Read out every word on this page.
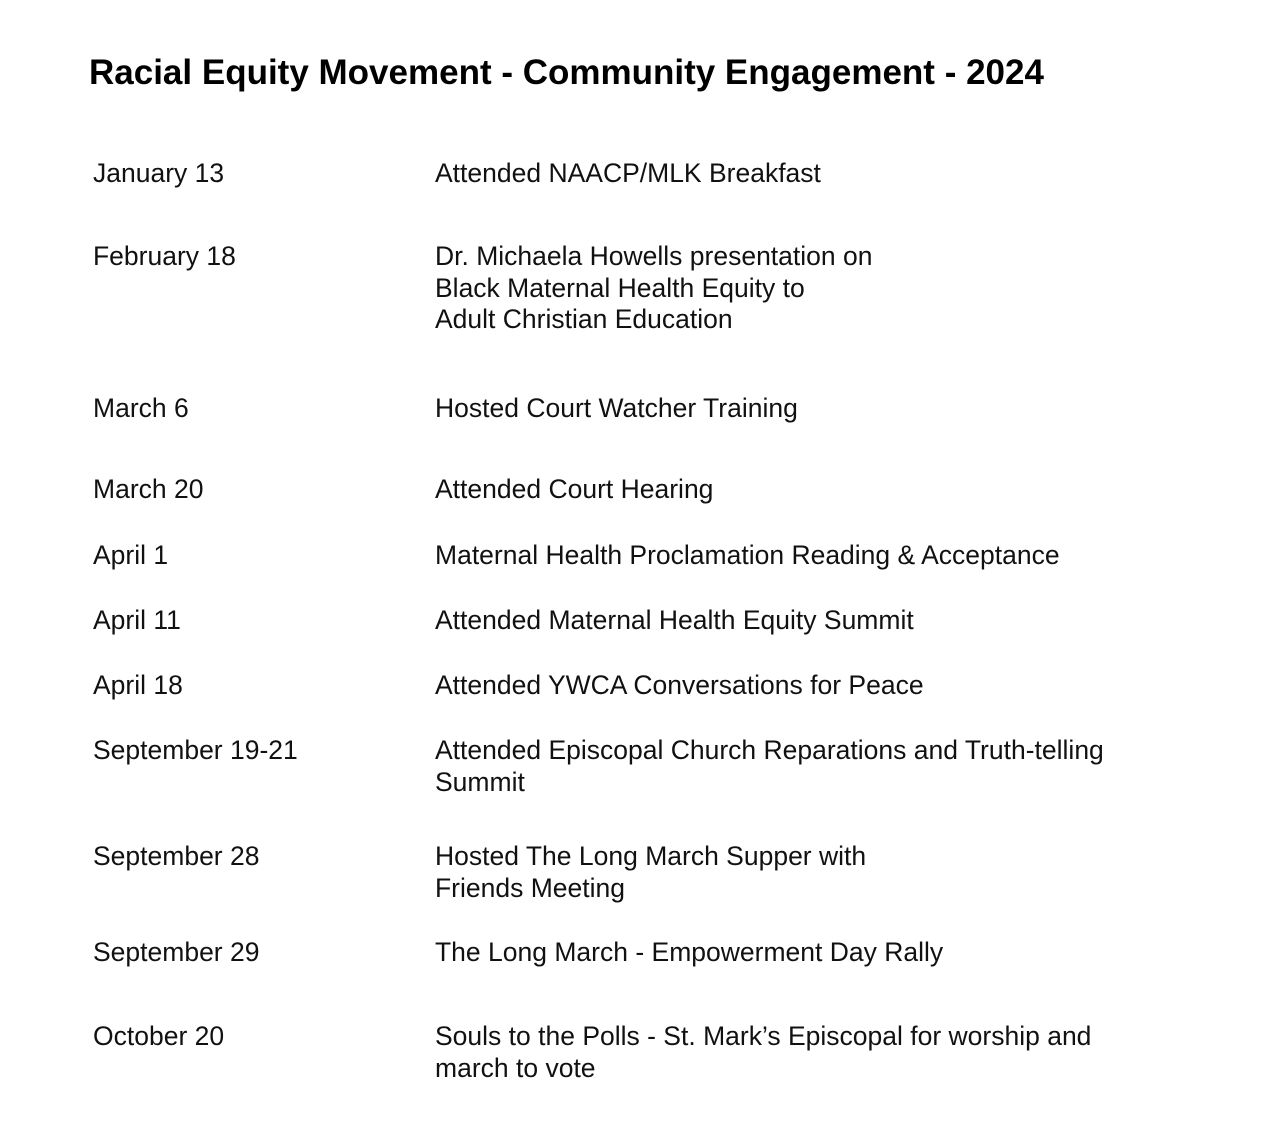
Racial Equity Movement - Community Engagement - 2024
January 13	Attended NAACP/MLK Breakfast
February 18	Dr. Michaela Howells presentation on
Black Maternal Health Equity to
Adult Christian Education
March 6	Hosted Court Watcher Training
March 20	Attended Court Hearing
April 1	Maternal Health Proclamation Reading & Acceptance
April 11	Attended Maternal Health Equity Summit
April 18	Attended YWCA Conversations for Peace
September 19-21	Attended Episcopal Church Reparations and Truth-telling
Summit
September 28	Hosted The Long March Supper with
Friends Meeting
September 29	The Long March - Empowerment Day Rally
October 20	Souls to the Polls - St. Mark’s Episcopal for worship and
march to vote
